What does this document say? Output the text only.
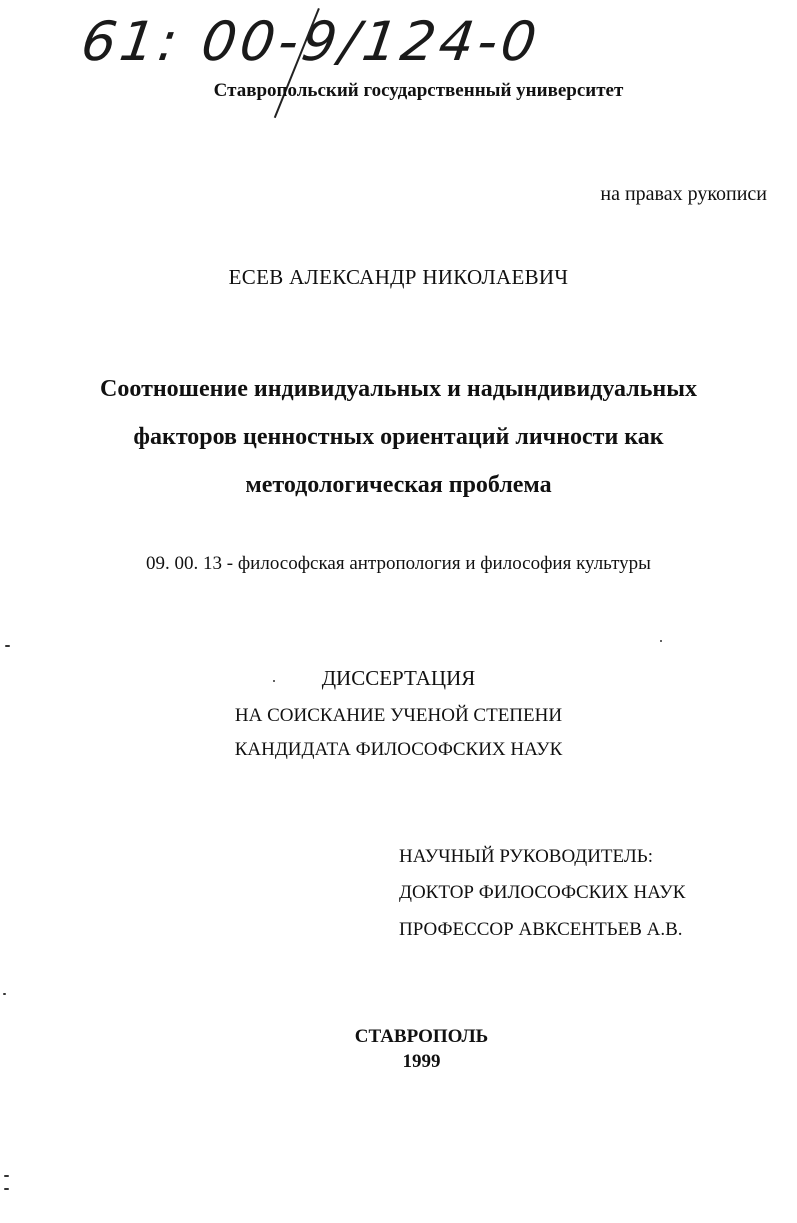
61: 00-9/124-0
Ставропольский государственный университет
на правах рукописи
ЕСЕВ АЛЕКСАНДР НИКОЛАЕВИЧ
Соотношение индивидуальных и надындивидуальных
факторов ценностных ориентаций личности как
методологическая проблема
09. 00. 13 - философская антропология и философия культуры
ДИССЕРТАЦИЯ
НА СОИСКАНИЕ УЧЕНОЙ СТЕПЕНИ
КАНДИДАТА ФИЛОСОФСКИХ НАУК
НАУЧНЫЙ РУКОВОДИТЕЛЬ:
ДОКТОР ФИЛОСОФСКИХ НАУК
ПРОФЕССОР АВКСЕНТЬЕВ А.В.
СТАВРОПОЛЬ
1999
